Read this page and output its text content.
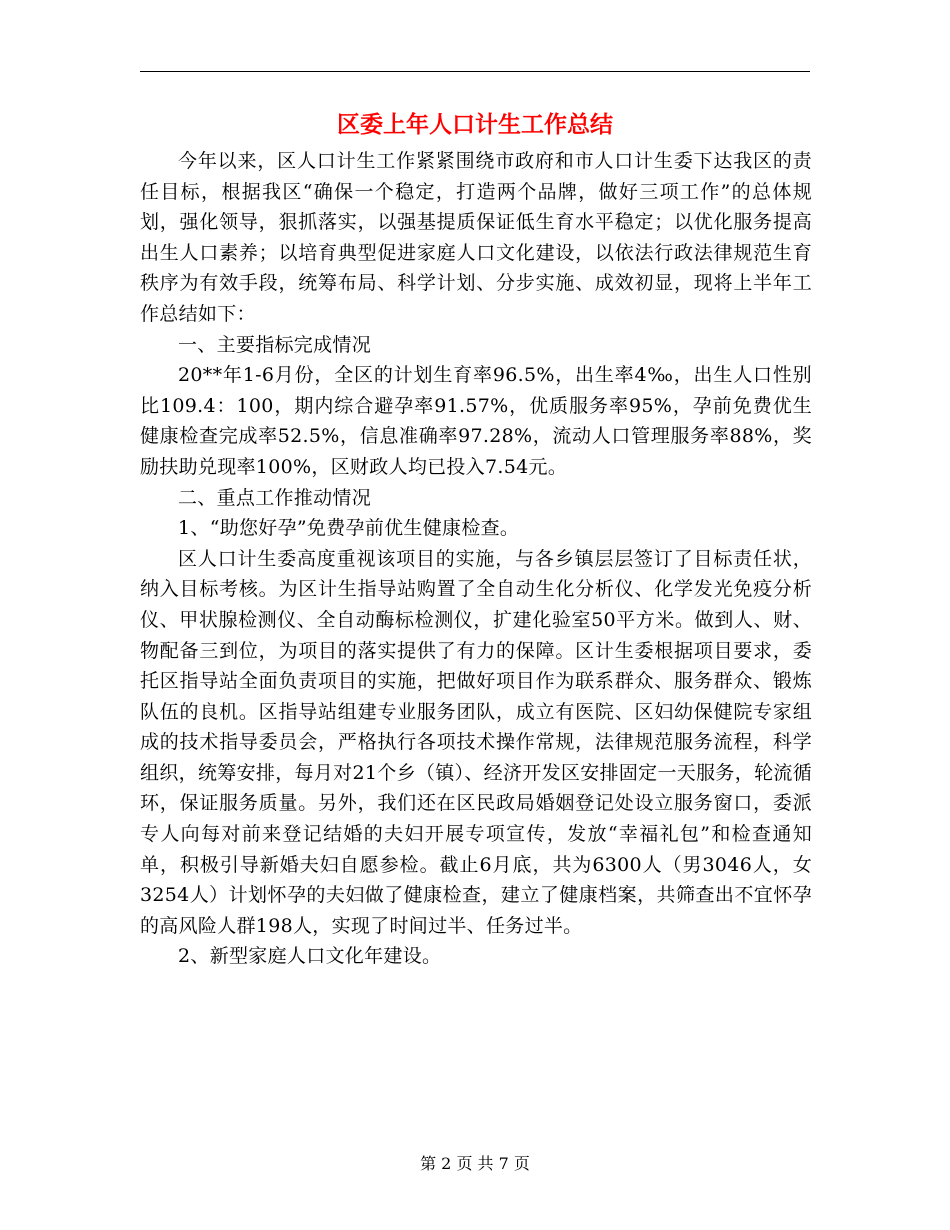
区委上年人口计生工作总结

今年以来，区人口计生工作紧紧围绕市政府和市人口计生委下达我区的责任目标，根据我区“确保一个稳定，打造两个品牌，做好三项工作”的总体规划，强化领导，狠抓落实，以强基提质保证低生育水平稳定；以优化服务提高出生人口素养；以培育典型促进家庭人口文化建设，以依法行政法律规范生育秩序为有效手段，统筹布局、科学计划、分步实施、成效初显，现将上半年工作总结如下：

一、主要指标完成情况

20**年1-6月份，全区的计划生育率96.5%，出生率4‰，出生人口性别比109.4：100，期内综合避孕率91.57%，优质服务率95%，孕前免费优生健康检查完成率52.5%，信息准确率97.28%，流动人口管理服务率88%，奖励扶助兑现率100%，区财政人均已投入7.54元。

二、重点工作推动情况

1、“助您好孕”免费孕前优生健康检查。

区人口计生委高度重视该项目的实施，与各乡镇层层签订了目标责任状，纳入目标考核。为区计生指导站购置了全自动生化分析仪、化学发光免疫分析仪、甲状腺检测仪、全自动酶标检测仪，扩建化验室50平方米。做到人、财、物配备三到位，为项目的落实提供了有力的保障。区计生委根据项目要求，委托区指导站全面负责项目的实施，把做好项目作为联系群众、服务群众、锻炼队伍的良机。区指导站组建专业服务团队，成立有医院、区妇幼保健院专家组成的技术指导委员会，严格执行各项技术操作常规，法律规范服务流程，科学组织，统筹安排，每月对21个乡（镇）、经济开发区安排固定一天服务，轮流循环，保证服务质量。另外，我们还在区民政局婚姻登记处设立服务窗口，委派专人向每对前来登记结婚的夫妇开展专项宣传，发放“幸福礼包”和检查通知单，积极引导新婚夫妇自愿参检。截止6月底，共为6300人（男3046人，女3254人）计划怀孕的夫妇做了健康检查，建立了健康档案，共筛查出不宜怀孕的高风险人群198人，实现了时间过半、任务过半。

2、新型家庭人口文化年建设。

第 2 页 共 7 页
